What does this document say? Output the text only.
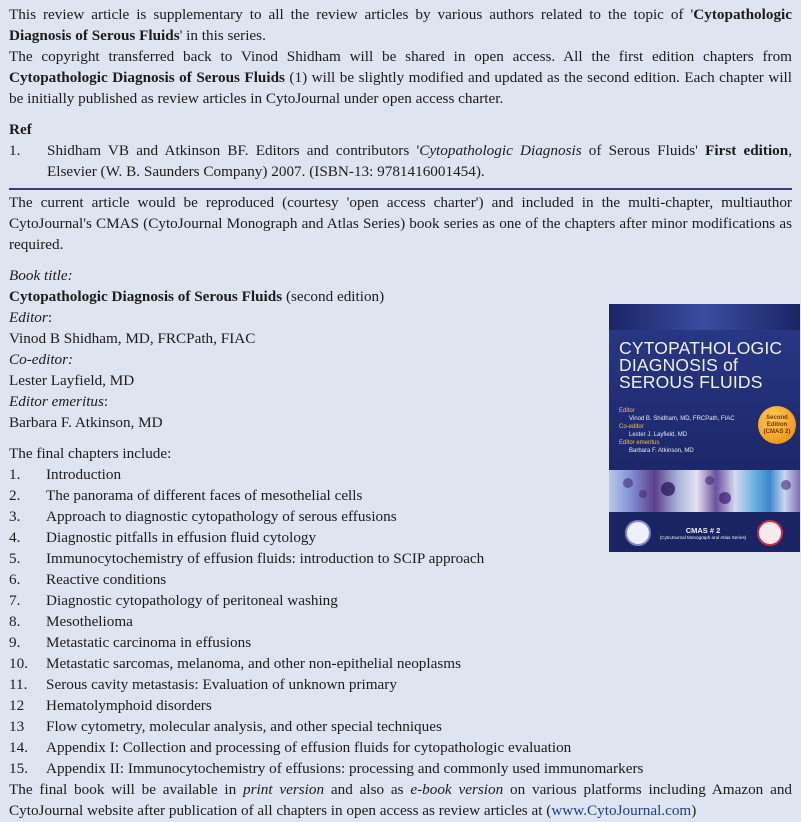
This review article is supplementary to all the review articles by various authors related to the topic of 'Cytopathologic Diagnosis of Serous Fluids' in this series.

The copyright transferred back to Vinod Shidham will be shared in open access. All the first edition chapters from Cytopathologic Diagnosis of Serous Fluids (1) will be slightly modified and updated as the second edition. Each chapter will be initially published as review articles in CytoJournal under open access charter.

Ref

1.	Shidham VB and Atkinson BF. Editors and contributors 'Cytopathologic Diagnosis of Serous Fluids' First edition, Elsevier (W. B. Saunders Company) 2007. (ISBN-13: 9781416001454).

The current article would be reproduced (courtesy 'open access charter') and included in the multi-chapter, multiauthor CytoJournal's CMAS (CytoJournal Monograph and Atlas Series) book series as one of the chapters after minor modifications as required.

Book title:

Cytopathologic Diagnosis of Serous Fluids (second edition)

Editor:

Vinod B Shidham, MD, FRCPath, FIAC

Co-editor:

Lester Layfield, MD

Editor emeritus:

Barbara F. Atkinson, MD

The final chapters include:

1.	Introduction
2.	The panorama of different faces of mesothelial cells
3.	Approach to diagnostic cytopathology of serous effusions
4.	Diagnostic pitfalls in effusion fluid cytology
5.	Immunocytochemistry of effusion fluids: introduction to SCIP approach
6.	Reactive conditions
7.	Diagnostic cytopathology of peritoneal washing
8.	Mesothelioma
9.	Metastatic carcinoma in effusions
10.	Metastatic sarcomas, melanoma, and other non-epithelial neoplasms
11.	Serous cavity metastasis: Evaluation of unknown primary
12	Hematolymphoid disorders
13	Flow cytometry, molecular analysis, and other special techniques
14.	Appendix I: Collection and processing of effusion fluids for cytopathologic evaluation
15.	Appendix II: Immunocytochemistry of effusions: processing and commonly used immunomarkers

The final book will be available in print version and also as e-book version on various platforms including Amazon and CytoJournal website after publication of all chapters in open access as review articles at (www.CytoJournal.com)

CYTOPATHOLOGIC
DIAGNOSIS of
SEROUS FLUIDS
Editor
Vinod B. Shidham, MD, FRCPath, FIAC
Co-editor
Lester J. Layfield, MD
Editor emeritus
Barbara F. Atkinson, MD
Second
Edition
(CMAS 2)
CMAS # 2
(CytoJournal Monograph and Atlas Series)
